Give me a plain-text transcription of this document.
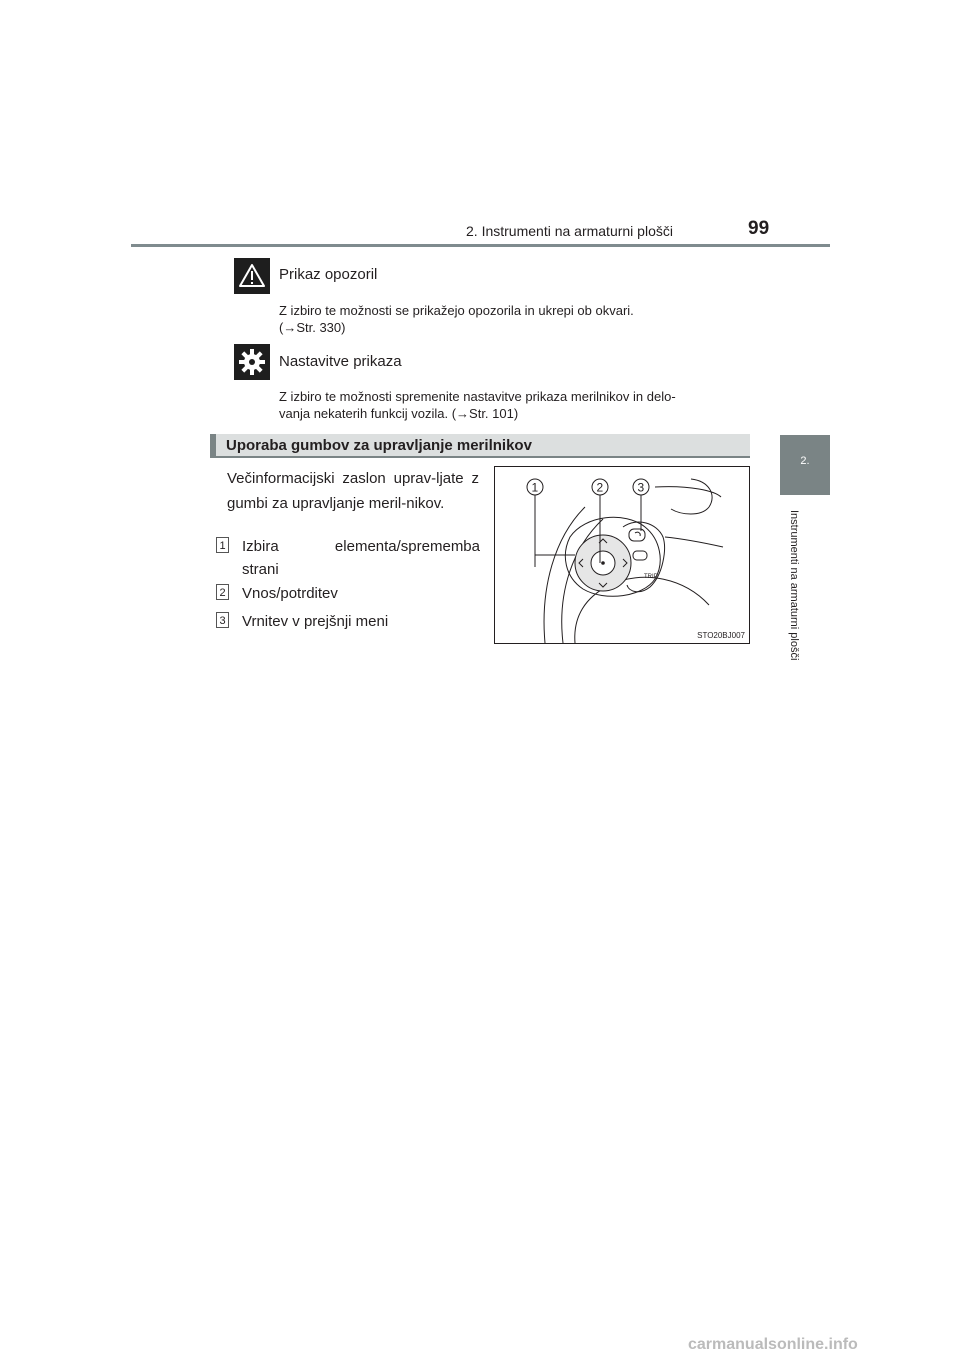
2. Instrumenti na armaturni plošči	99
2.
Instrumenti na armaturni plošči
Prikaz opozoril
Z izbiro te možnosti se prikažejo opozorila in ukrepi ob okvari.
(→Str. 330)
Nastavitve prikaza
Z izbiro te možnosti spremenite nastavitve prikaza merilnikov in delo-
vanja nekaterih funkcij vozila. (→Str. 101)
Uporaba gumbov za upravljanje merilnikov
Večinformacijski zaslon uprav-ljate z gumbi za upravljanje meril-nikov.
1 Izbira elementa/sprememba
strani
2 Vnos/potrditev
3 Vrnitev v prejšnji meni
TRIP
1	2	3
STO20BJ007
carmanualsonline.info
